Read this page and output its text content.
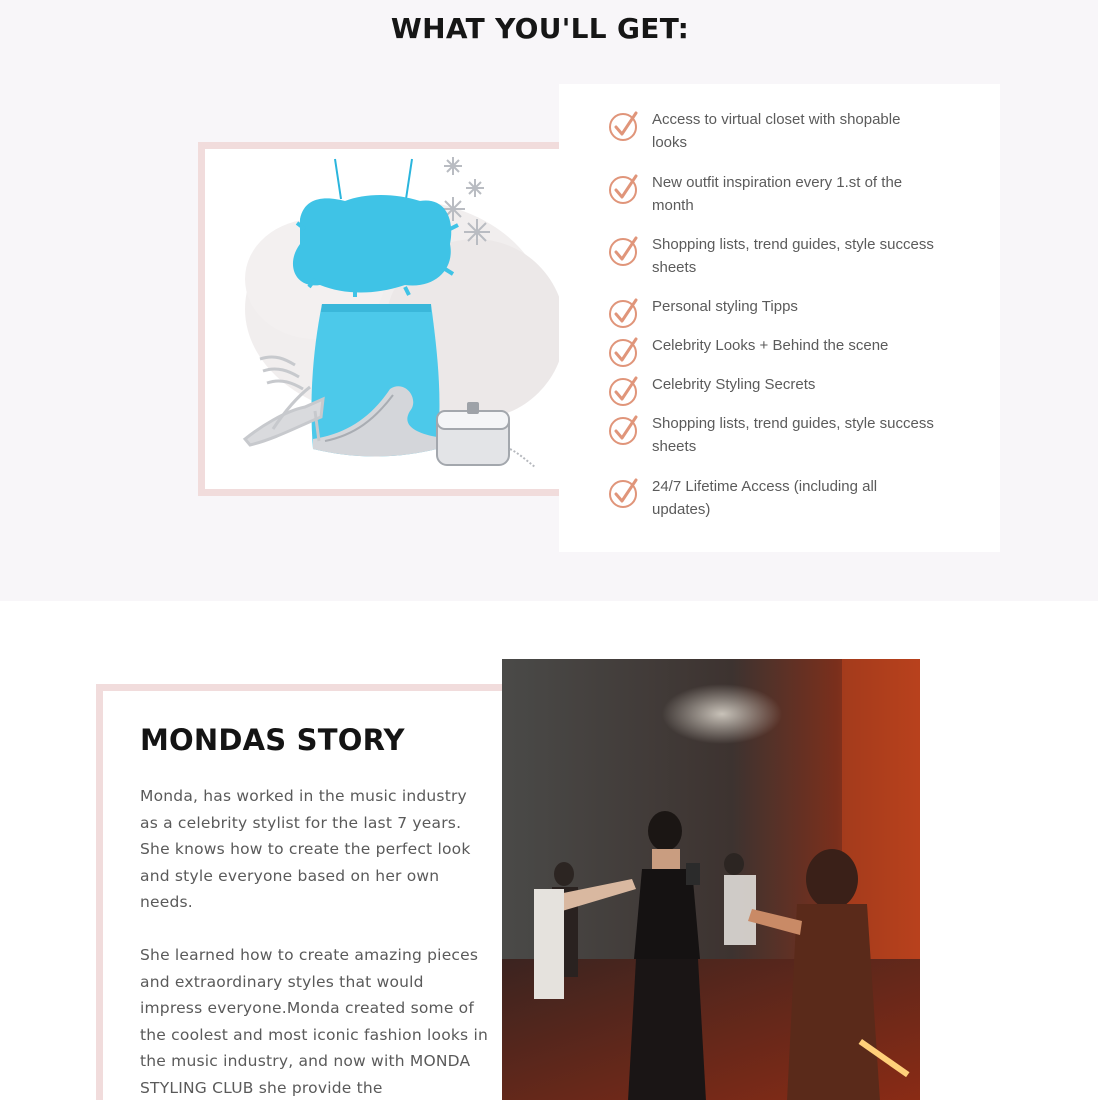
WHAT YOU'LL GET:
Access to virtual closet with shopable looks
New outfit inspiration every 1.st of the month
Shopping lists, trend guides, style success sheets
Personal styling Tipps
Celebrity Looks + Behind the scene
Celebrity Styling Secrets
Shopping lists, trend guides, style success sheets
24/7 Lifetime Access (including all updates)
MONDAS STORY

Monda, has worked in the music industry as a celebrity stylist for the last 7 years. She knows how to create the perfect look and style everyone based on her own needs.

She learned how to create amazing pieces and extraordinary styles that would impress everyone.Monda created some of the coolest and most iconic fashion looks in the music industry, and now with MONDA STYLING CLUB she provide the
